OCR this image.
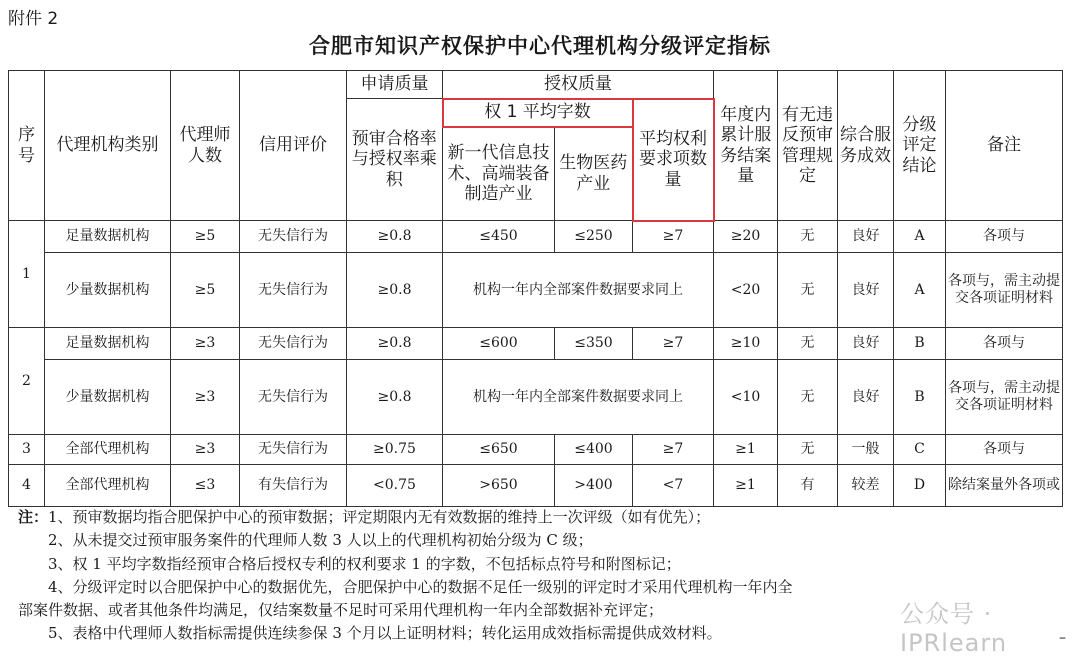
附件 2
合肥市知识产权保护中心代理机构分级评定指标
序号	代理机构类别	代理师人数	信用评价	申请质量	授权质量			年度内累计服务结案量	有无违反预审管理规定	综合服务成效	分级评定结论	备注
				预审合格率与授权率乘积	权 1 平均字数		平均权利要求项数量					
					新一代信息技术、高端装备制造产业	生物医药产业						
1	足量数据机构	≥5	无失信行为	≥0.8	≤450	≤250	≥7	≥20	无	良好	A	各项与
	少量数据机构	≥5	无失信行为	≥0.8	机构一年内全部案件数据要求同上			<20	无	良好	A	各项与，需主动提交各项证明材料
2	足量数据机构	≥3	无失信行为	≥0.8	≤600	≤350	≥7	≥10	无	良好	B	各项与
	少量数据机构	≥3	无失信行为	≥0.8	机构一年内全部案件数据要求同上			<10	无	良好	B	各项与，需主动提交各项证明材料
3	全部代理机构	≥3	无失信行为	≥0.75	≤650	≤400	≥7	≥1	无	一般	C	各项与
4	全部代理机构	≤3	有失信行为	<0.75	>650	>400	<7	≥1	有	较差	D	除结案量外各项或

注：1、预审数据均指合肥保护中心的预审数据；评定期限内无有效数据的维持上一次评级（如有优先）；

2、从未提交过预审服务案件的代理师人数 3 人以上的代理机构初始分级为 C 级；

3、权 1 平均字数指经预审合格后授权专利的权利要求 1 的字数，不包括标点符号和附图标记；

4、分级评定时以合肥保护中心的数据优先，合肥保护中心的数据不足任一级别的评定时才采用代理机构一年内全

部案件数据、或者其他条件均满足，仅结案数量不足时可采用代理机构一年内全部数据补充评定；

5、表格中代理师人数指标需提供连续参保 3 个月以上证明材料；转化运用成效指标需提供成效材料。

公众号 · IPRlearn	–
